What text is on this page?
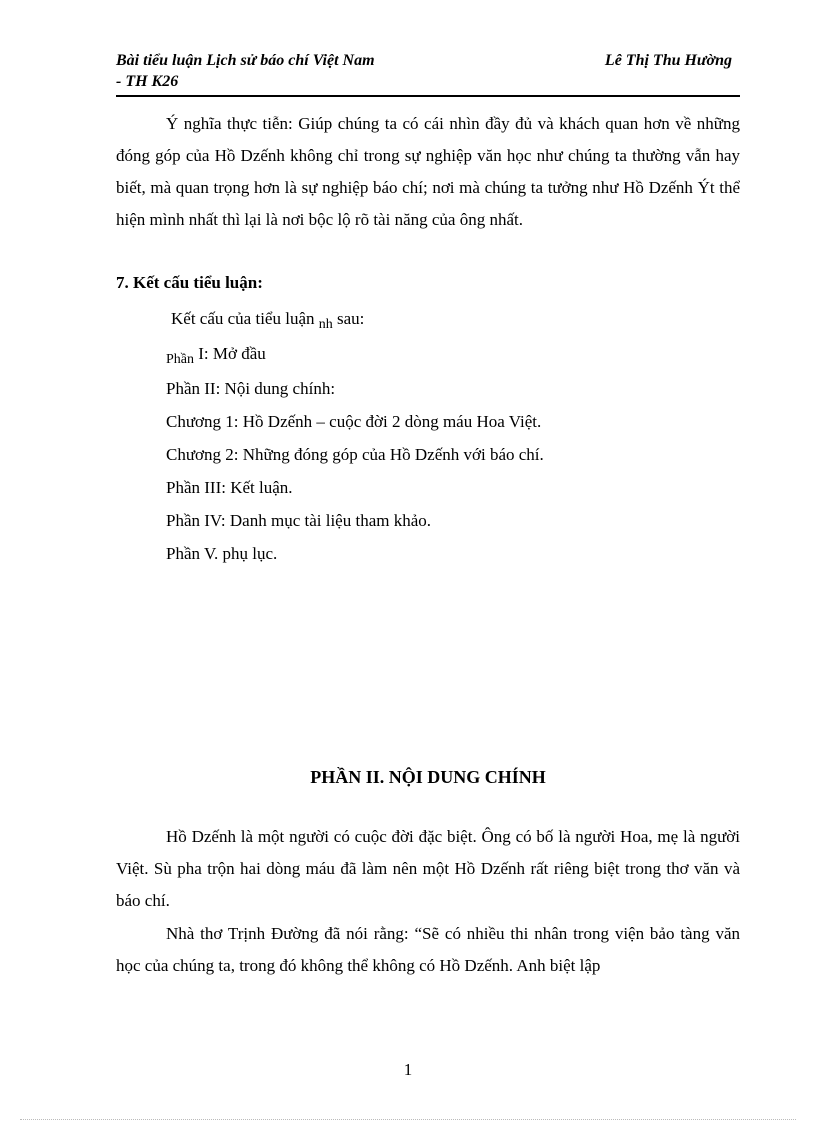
Bài tiểu luận Lịch sử báo chí Việt Nam
- TH K26
Lê Thị Thu Hường
Ý nghĩa thực tiễn: Giúp chúng ta có cái nhìn đầy đủ và khách quan hơn về những đóng góp của Hồ Dzếnh không chỉ trong sự nghiệp văn học như chúng ta thường vẫn hay biết, mà quan trọng hơn là sự nghiệp báo chí; nơi mà chúng ta tưởng như Hồ Dzếnh Ýt thể hiện mình nhất thì lại là nơi bộc lộ rõ tài năng của ông nhất.
7. Kết cấu tiểu luận:
Kết cấu của tiểu luận $_{nh}$ sau:
$_{Phần}$ I: Mở đầu
Phần II: Nội dung chính:
Chương 1: Hồ Dzếnh – cuộc đời 2 dòng máu Hoa Việt.
Chương 2: Những đóng góp của Hồ Dzếnh với báo chí.
Phần III: Kết luận.
Phần IV: Danh mục tài liệu tham khảo.
Phần V. phụ lục.
PHẦN II. NỘI DUNG CHÍNH
Hồ Dzếnh là một người có cuộc đời đặc biệt. Ông có bố là người Hoa, mẹ là người Việt. Sù pha trộn hai dòng máu đã làm nên một Hồ Dzếnh rất riêng biệt trong thơ văn và báo chí.
Nhà thơ Trịnh Đường đã nói rằng: “Sẽ có nhiều thi nhân trong viện bảo tàng văn học của chúng ta, trong đó không thể không có Hồ Dzếnh. Anh biệt lập
1
